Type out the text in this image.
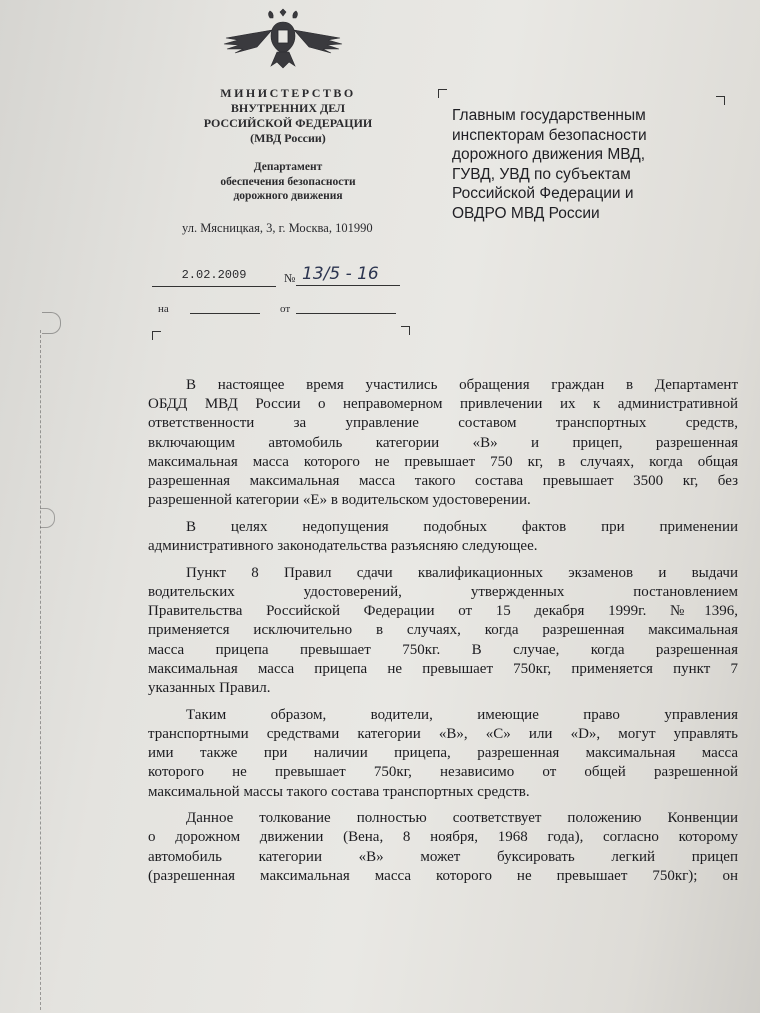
МИНИСТЕРСТВО
ВНУТРЕННИХ ДЕЛ
РОССИЙСКОЙ ФЕДЕРАЦИИ
(МВД России)
Департамент
обеспечения безопасности
дорожного движения
ул. Мясницкая, 3, г. Москва, 101990
Главным государственным
инспекторам безопасности
дорожного движения МВД,
ГУВД, УВД по субъектам
Российской Федерации и
ОВДРО МВД России
2.02.2009	№ 13/5 - 16
на	от

В настоящее время участились обращения граждан в Департамент
ОБДД МВД России о неправомерном привлечении их к административной
ответственности за управление составом транспортных средств,
включающим автомобиль категории «В» и прицеп, разрешенная
максимальная масса которого не превышает 750 кг, в случаях, когда общая
разрешенная максимальная масса такого состава превышает 3500 кг, без
разрешенной категории «Е» в водительском удостоверении.

В целях недопущения подобных фактов при применении
административного законодательства разъясняю следующее.

Пункт 8 Правил сдачи квалификационных экзаменов и выдачи
водительских удостоверений, утвержденных постановлением
Правительства Российской Федерации от 15 декабря 1999г. №1396,
применяется исключительно в случаях, когда разрешенная максимальная
масса прицепа превышает 750кг. В случае, когда разрешенная
максимальная масса прицепа не превышает 750кг, применяется пункт 7
указанных Правил.

Таким образом, водители, имеющие право управления
транспортными средствами категории «В», «С» или «D», могут управлять
ими также при наличии прицепа, разрешенная максимальная масса
которого не превышает 750кг, независимо от общей разрешенной
максимальной массы такого состава транспортных средств.

Данное толкование полностью соответствует положению Конвенции
о дорожном движении (Вена, 8 ноября, 1968 года), согласно которому
автомобиль категории «В» может буксировать легкий прицеп
(разрешенная максимальная масса которого не превышает 750кг); он
